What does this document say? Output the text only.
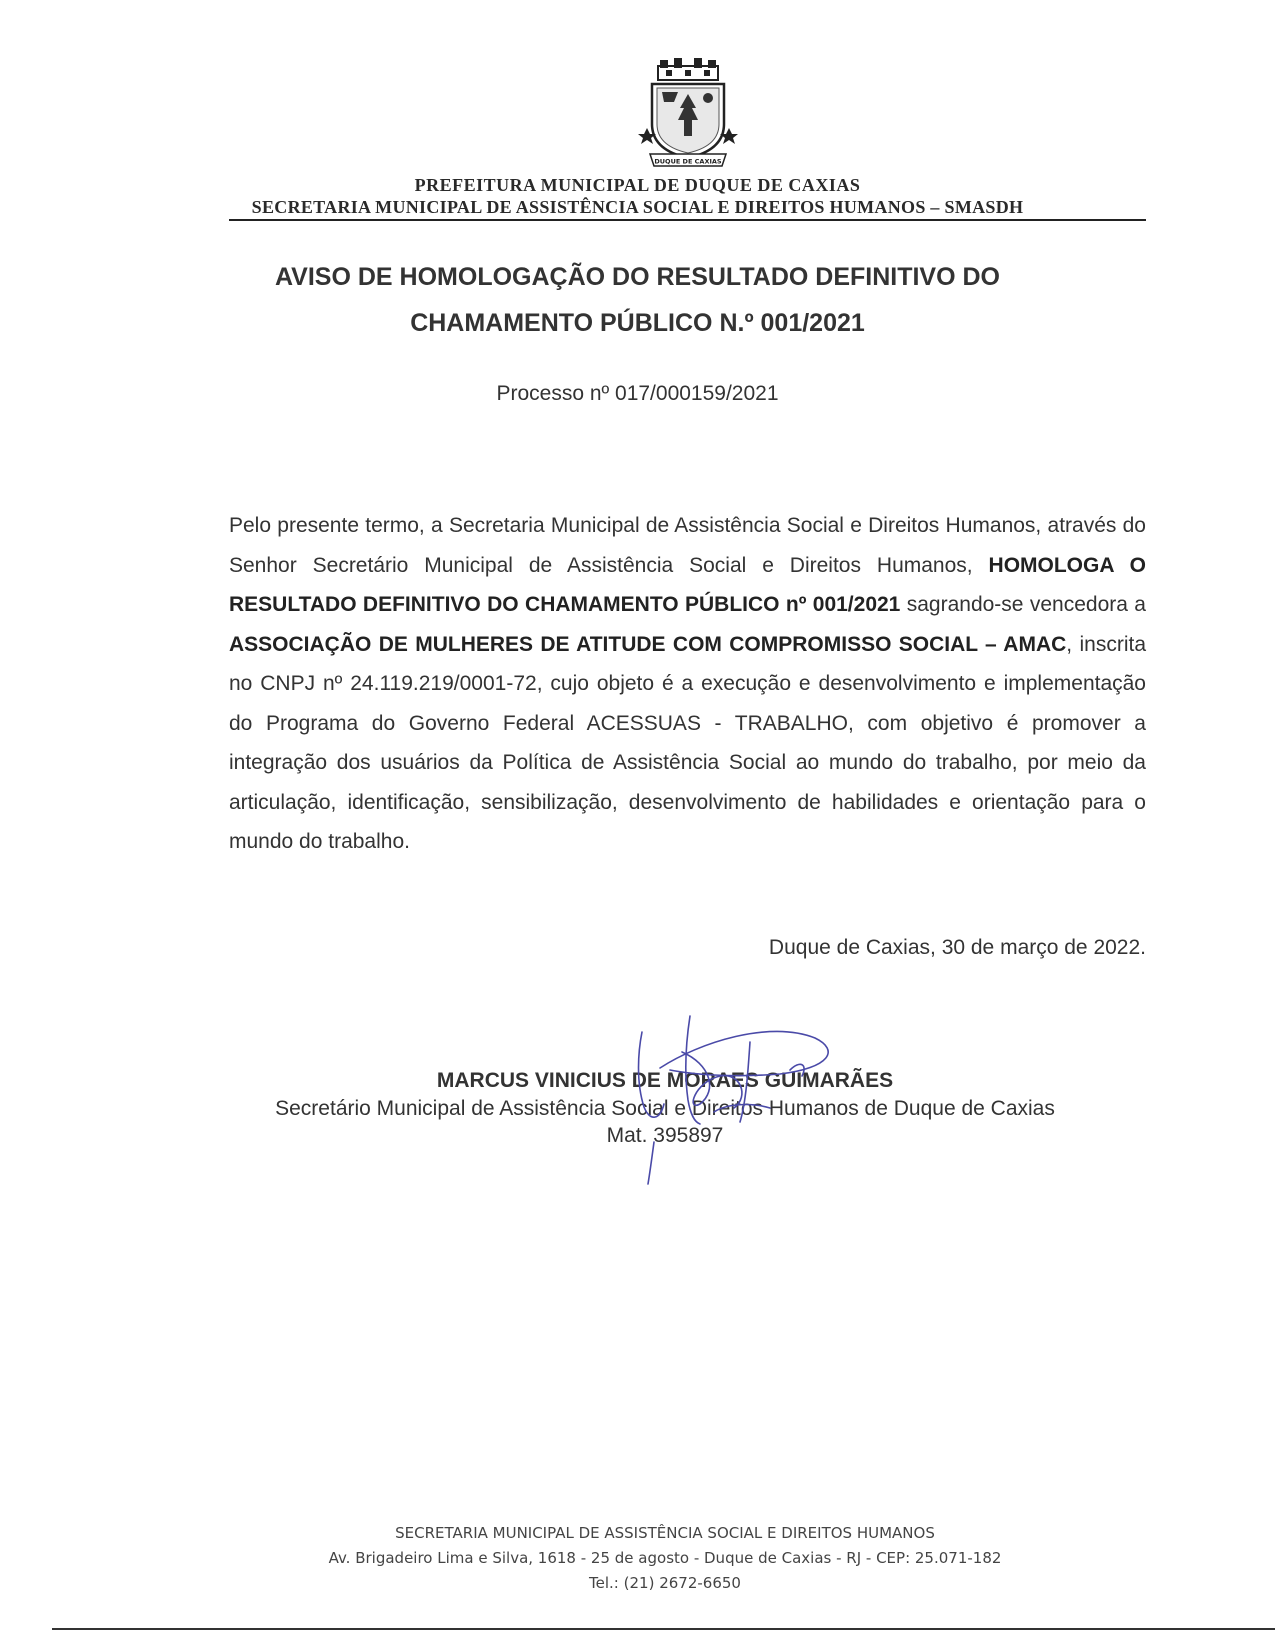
DUQUE DE CAXIAS
PREFEITURA MUNICIPAL DE DUQUE DE CAXIAS
SECRETARIA MUNICIPAL DE ASSISTÊNCIA SOCIAL E DIREITOS HUMANOS – SMASDH
AVISO DE HOMOLOGAÇÃO DO RESULTADO DEFINITIVO DO
CHAMAMENTO PÚBLICO N.º 001/2021
Processo nº 017/000159/2021

Pelo presente termo, a Secretaria Municipal de Assistência Social e Direitos Humanos, através do Senhor Secretário Municipal de Assistência Social e Direitos Humanos, HOMOLOGA O RESULTADO DEFINITIVO DO CHAMAMENTO PÚBLICO nº 001/2021 sagrando-se vencedora a ASSOCIAÇÃO DE MULHERES DE ATITUDE COM COMPROMISSO SOCIAL – AMAC, inscrita no CNPJ nº 24.119.219/0001-72, cujo objeto é a execução e desenvolvimento e implementação do Programa do Governo Federal ACESSUAS - TRABALHO, com objetivo é promover a integração dos usuários da Política de Assistência Social ao mundo do trabalho, por meio da articulação, identificação, sensibilização, desenvolvimento de habilidades e orientação para o mundo do trabalho.

Duque de Caxias, 30 de março de 2022.
MARCUS VINICIUS DE MORAES GUIMARÃES
Secretário Municipal de Assistência Social e Direitos Humanos de Duque de Caxias
Mat. 395897
SECRETARIA MUNICIPAL DE ASSISTÊNCIA SOCIAL E DIREITOS HUMANOS
Av. Brigadeiro Lima e Silva, 1618 - 25 de agosto - Duque de Caxias - RJ - CEP: 25.071-182
Tel.: (21) 2672-6650
